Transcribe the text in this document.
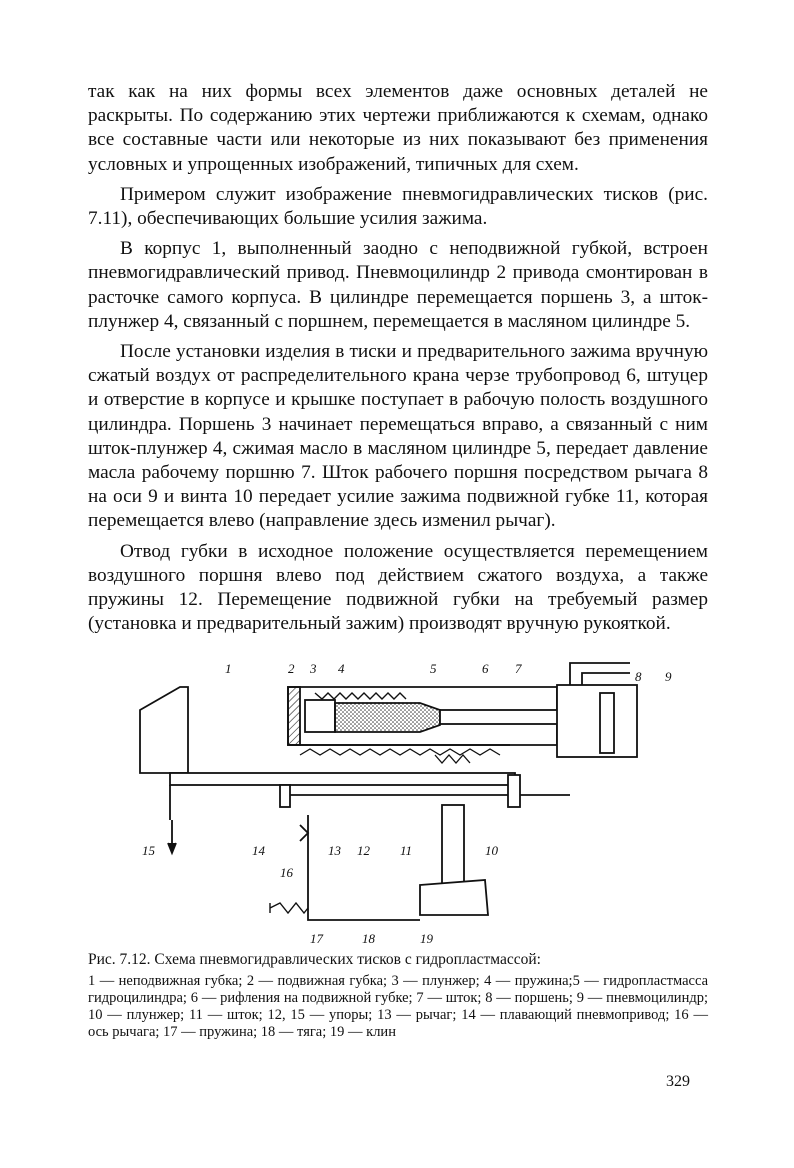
так как на них формы всех элементов даже основных деталей не раскрыты. По содержанию этих чертежи приближаются к схемам, однако все составные части или некоторые из них показывают без применения условных и упрощенных изображений, типичных для схем.

Примером служит изображение пневмогидравлических тисков (рис. 7.11), обеспечивающих большие усилия зажима.

В корпус 1, выполненный заодно с неподвижной губкой, встроен пневмогидравлический привод. Пневмоцилиндр 2 привода смонтирован в расточке самого корпуса. В цилиндре перемещается поршень 3, а шток-плунжер 4, связанный с поршнем, перемещается в масляном цилиндре 5.

После установки изделия в тиски и предварительного зажима вручную сжатый воздух от распределительного крана черзе трубопровод 6, штуцер и отверстие в корпусе и крышке поступает в рабочую полость воздушного цилиндра. Поршень 3 начинает перемещаться вправо, а связанный с ним шток-плунжер 4, сжимая масло в масляном цилиндре 5, передает давление масла рабочему поршню 7. Шток рабочего поршня посредством рычага 8 на оси 9 и винта 10 передает усилие зажима подвижной губке 11, которая перемещается влево (направление здесь изменил рычаг).

Отвод губки в исходное положение осуществляется перемещением воздушного поршня влево под действием сжатого воздуха, а также пружины 12. Перемещение подвижной губки на требуемый размер (установка и предварительный зажим) производят вручную рукояткой.

1	2 3 4	5	6 7
8 9
10
11
12
13
14
15
16
17	18	19

Рис. 7.12. Схема пневмогидравлических тисков с гидропластмассой:

1 — неподвижная губка; 2 — подвижная губка; 3 — плунжер; 4 — пружина;5 — гидропластмасса гидроцилиндра; 6 — рифления на подвижной губке; 7 — шток; 8 — поршень; 9 — пневмоцилиндр; 10 — плунжер; 11 — шток; 12, 15 — упоры; 13 — рычаг; 14 — плавающий пневмопривод; 16 — ось рычага; 17 — пружина; 18 — тяга; 19 — клин

329
